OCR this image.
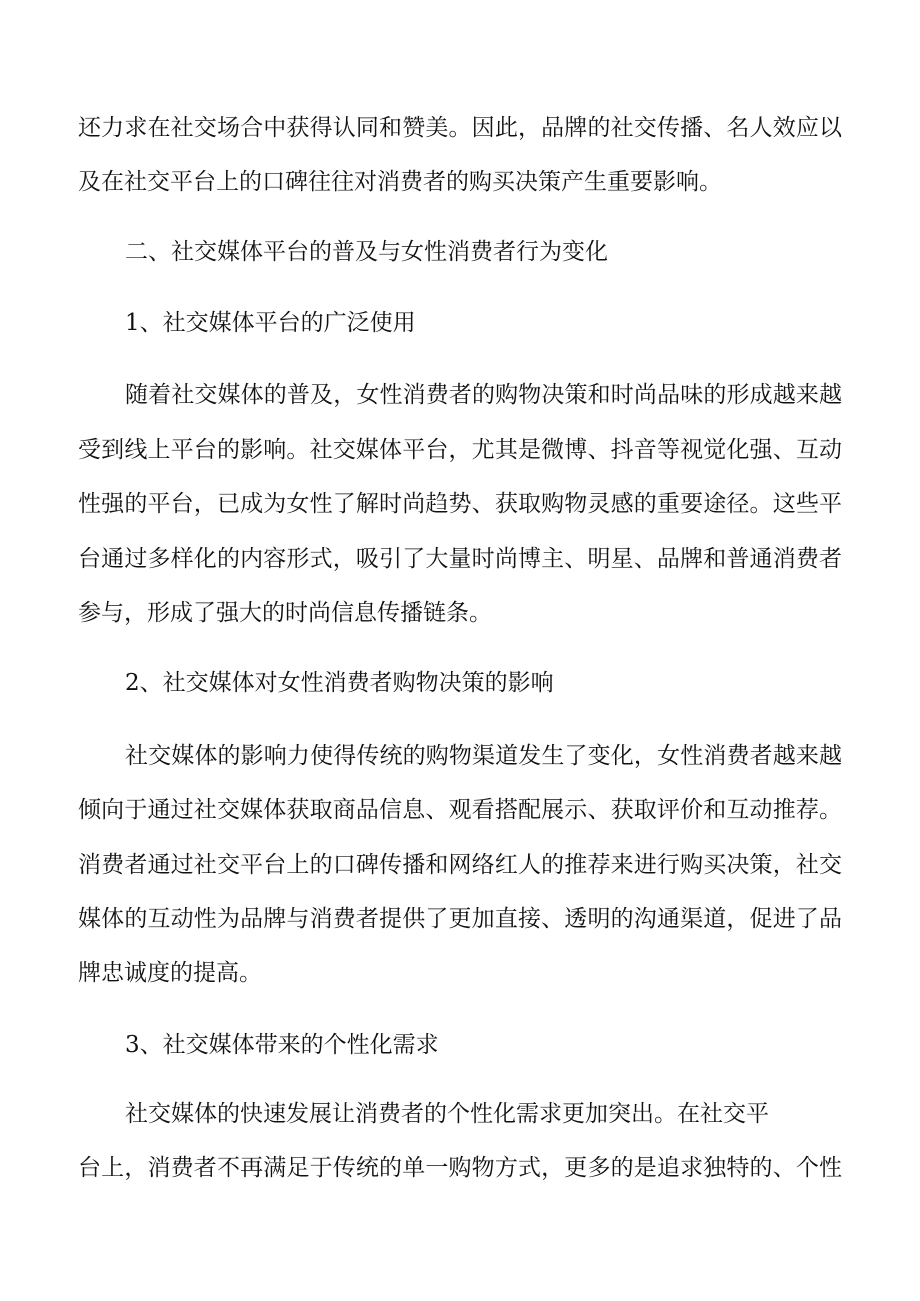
还力求在社交场合中获得认同和赞美。因此，品牌的社交传播、名人效应以
及在社交平台上的口碑往往对消费者的购买决策产生重要影响。
二、社交媒体平台的普及与女性消费者行为变化
1、社交媒体平台的广泛使用
随着社交媒体的普及，女性消费者的购物决策和时尚品味的形成越来越
受到线上平台的影响。社交媒体平台，尤其是微博、抖音等视觉化强、互动
性强的平台，已成为女性了解时尚趋势、获取购物灵感的重要途径。这些平
台通过多样化的内容形式，吸引了大量时尚博主、明星、品牌和普通消费者
参与，形成了强大的时尚信息传播链条。
2、社交媒体对女性消费者购物决策的影响
社交媒体的影响力使得传统的购物渠道发生了变化，女性消费者越来越
倾向于通过社交媒体获取商品信息、观看搭配展示、获取评价和互动推荐。
消费者通过社交平台上的口碑传播和网络红人的推荐来进行购买决策，社交
媒体的互动性为品牌与消费者提供了更加直接、透明的沟通渠道，促进了品
牌忠诚度的提高。
3、社交媒体带来的个性化需求
社交媒体的快速发展让消费者的个性化需求更加突出。在社交平
台上，消费者不再满足于传统的单一购物方式，更多的是追求独特的、个性
